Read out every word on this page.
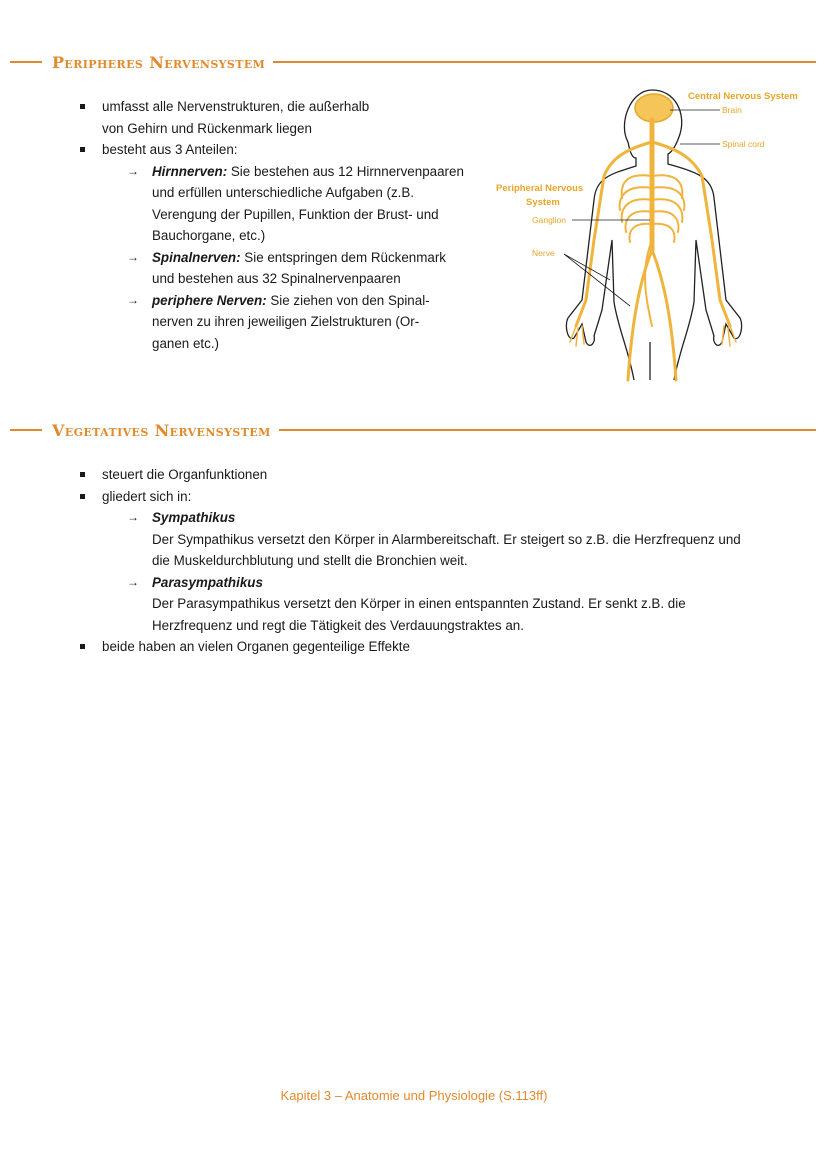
Peripheres Nervensystem
umfasst alle Nervenstrukturen, die außerhalb
von Gehirn und Rückenmark liegen
besteht aus 3 Anteilen:
→ Hirnnerven: Sie bestehen aus 12 Hirnnervenpaaren
und erfüllen unterschiedliche Aufgaben (z.B.
Verengung der Pupillen, Funktion der Brust- und
Bauchorgane, etc.)
→ Spinalnerven: Sie entspringen dem Rückenmark
und bestehen aus 32 Spinalnervenpaaren
→ periphere Nerven: Sie ziehen von den Spinal-
nerven zu ihren jeweiligen Zielstrukturen (Or-
ganen etc.)
Central Nervous System
Brain
Spinal cord
Peripheral Nervous
System
Ganglion
Nerve
Vegetatives Nervensystem
steuert die Organfunktionen
gliedert sich in:
→ Sympathikus
Der Sympathikus versetzt den Körper in Alarmbereitschaft. Er steigert so z.B. die Herzfrequenz und
die Muskeldurchblutung und stellt die Bronchien weit.
→ Parasympathikus
Der Parasympathikus versetzt den Körper in einen entspannten Zustand. Er senkt z.B. die
Herzfrequenz und regt die Tätigkeit des Verdauungstraktes an.
beide haben an vielen Organen gegenteilige Effekte
Kapitel 3 – Anatomie und Physiologie (S.113ff)
